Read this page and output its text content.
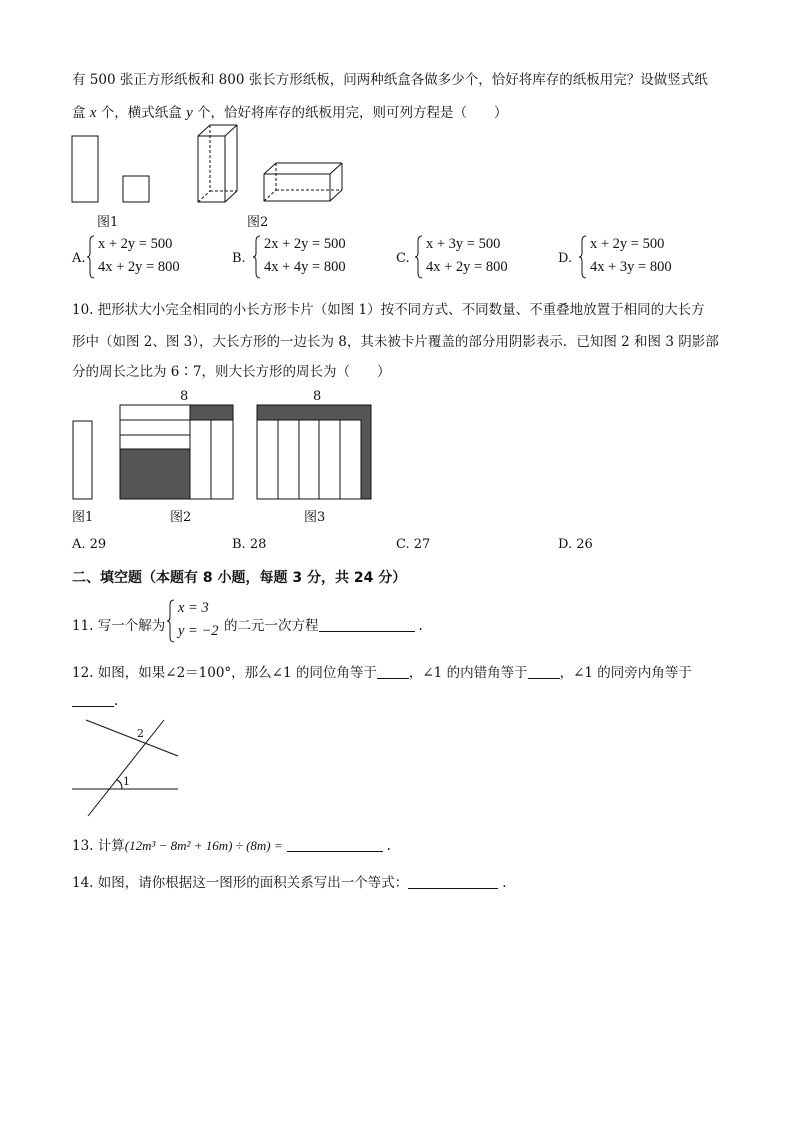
有 500 张正方形纸板和 800 张长方形纸板，问两种纸盒各做多少个，恰好将库存的纸板用完？设做竖式纸
盒 x 个，横式纸盒 y 个，恰好将库存的纸板用完，则可列方程是（　　）
图1	图2
A.
x + 2y = 500
4x + 2y = 800
B.
2x + 2y = 500
4x + 4y = 800
C.
x + 3y = 500
4x + 2y = 800
D.
x + 2y = 500
4x + 3y = 800
10. 把形状大小完全相同的小长方形卡片（如图 1）按不同方式、不同数量、不重叠地放置于相同的大长方
形中（如图 2、图 3），大长方形的一边长为 8，其未被卡片覆盖的部分用阴影表示．已知图 2 和图 3 阴影部
分的周长之比为 6∶7，则大长方形的周长为（　　）
8	8
图1	图2	图3
A. 29	B. 28	C. 27	D. 26
二、填空题（本题有 8 小题，每题 3 分，共 24 分）
11. 写一个解为
x = 3
y = −2 的二元一次方程	.
12. 如图，如果∠2＝100°，那么∠1 的同位角等于 ，∠1 的内错角等于 ，∠1 的同旁内角等于
.
2
1
13. 计算(12m³ − 8m² + 16m) ÷ (8m) =	.
14. 如图，请你根据这一图形的面积关系写出一个等式：	.
